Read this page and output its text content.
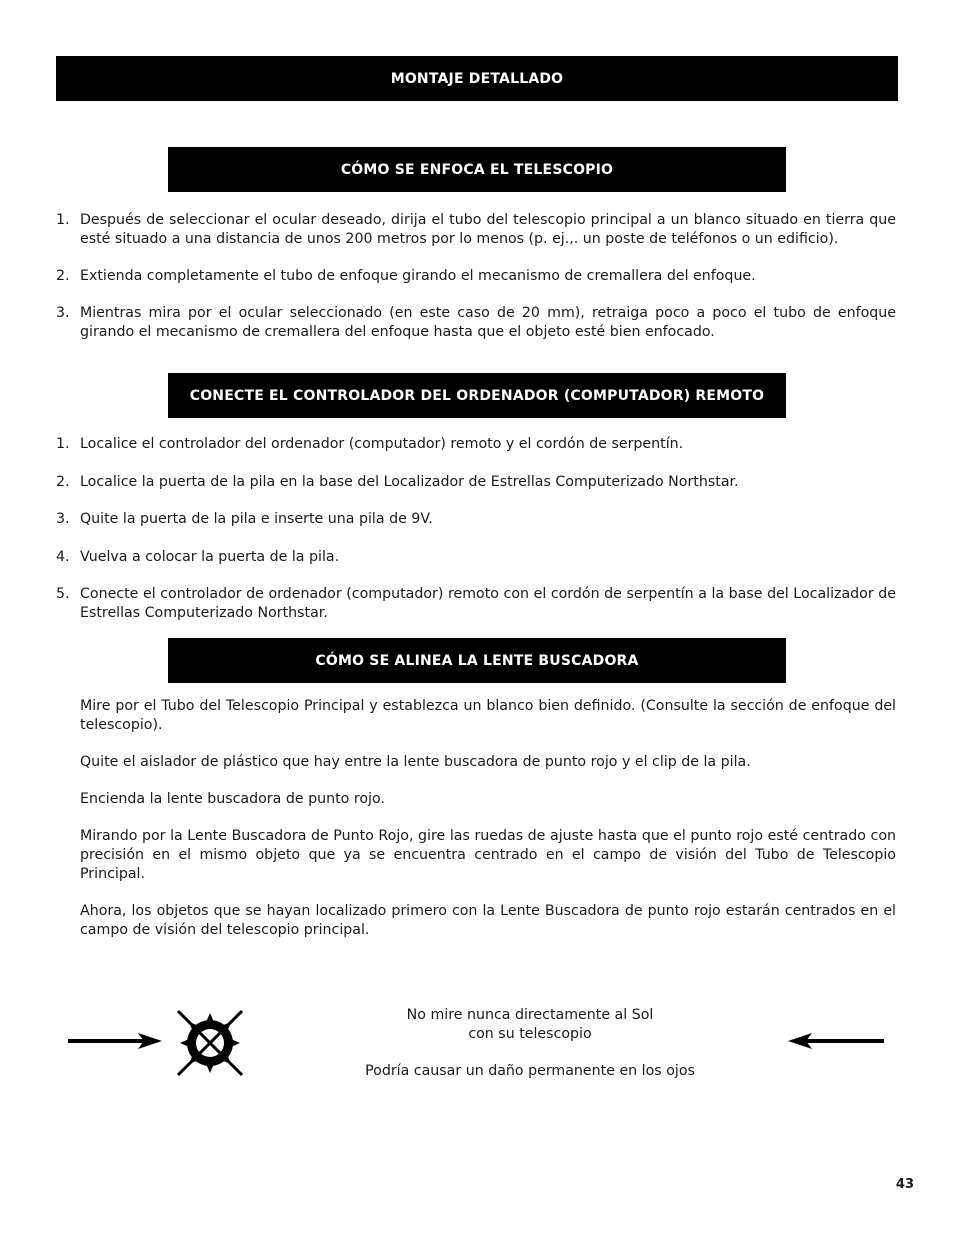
MONTAJE DETALLADO
CÓMO SE ENFOCA EL TELESCOPIO
1. Después de seleccionar el ocular deseado, dirija el tubo del telescopio principal a un blanco situado en tierra que esté situado a una distancia de unos 200 metros por lo menos (p. ej.,. un poste de teléfonos o un edificio).
2. Extienda completamente el tubo de enfoque girando el mecanismo de cremallera del enfoque.
3. Mientras mira por el ocular seleccionado (en este caso de 20 mm), retraiga poco a poco el tubo de enfoque girando el mecanismo de cremallera del enfoque hasta que el objeto esté bien enfocado.
CONECTE EL CONTROLADOR DEL ORDENADOR (COMPUTADOR) REMOTO
1. Localice el controlador del ordenador (computador) remoto y el cordón de serpentín.
2. Localice la puerta de la pila en la base del Localizador de Estrellas Computerizado Northstar.
3. Quite la puerta de la pila e inserte una pila de 9V.
4. Vuelva a colocar la puerta de la pila.
5. Conecte el controlador de ordenador (computador) remoto con el cordón de serpentín a la base del Localizador de Estrellas Computerizado Northstar.
CÓMO SE ALINEA LA LENTE BUSCADORA

Mire por el Tubo del Telescopio Principal y establezca un blanco bien definido. (Consulte la sección de enfoque del telescopio).

Quite el aislador de plástico que hay entre la lente buscadora de punto rojo y el clip de la pila.

Encienda la lente buscadora de punto rojo.

Mirando por la Lente Buscadora de Punto Rojo, gire las ruedas de ajuste hasta que el punto rojo esté centrado con precisión en el mismo objeto que ya se encuentra centrado en el campo de visión del Tubo de Telescopio Principal.

Ahora, los objetos que se hayan localizado primero con la Lente Buscadora de punto rojo estarán centrados en el campo de visión del telescopio principal.

No mire nunca directamente al Sol
con su telescopio

Podría causar un daño permanente en los ojos

43
